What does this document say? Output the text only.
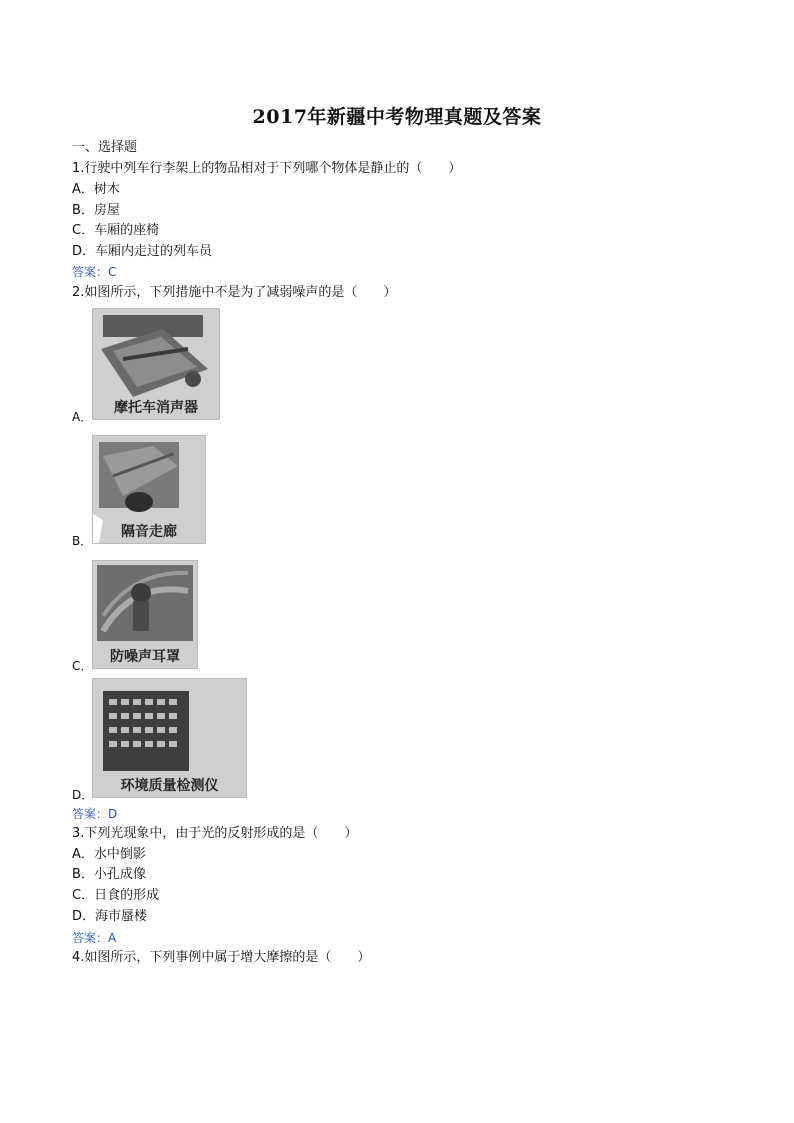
2017年新疆中考物理真题及答案
一、选择题
1.行驶中列车行李架上的物品相对于下列哪个物体是静止的（　　）
A．树木
B．房屋
C．车厢的座椅
D．车厢内走过的列车员
答案：C
2.如图所示，下列措施中不是为了减弱噪声的是（　　）
摩托车消声器
A．
隔音走廊
B．
防噪声耳罩
C．
环境质量检测仪
D．
答案：D
3.下列光现象中，由于光的反射形成的是（　　）
A．水中倒影
B．小孔成像
C．日食的形成
D．海市蜃楼
答案：A
4.如图所示，下列事例中属于增大摩擦的是（　　）
